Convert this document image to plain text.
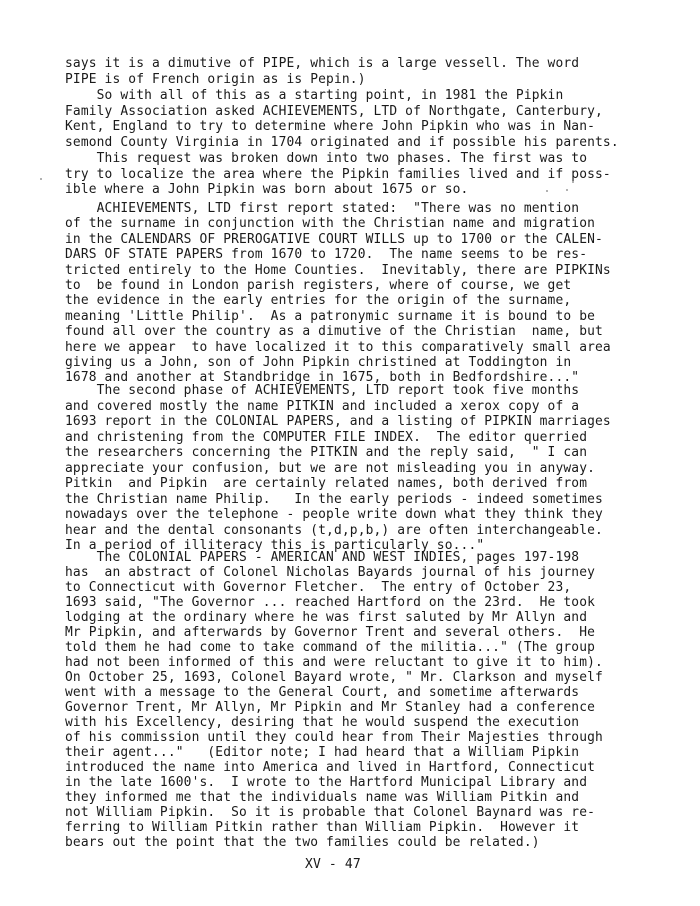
says it is a dimutive of PIPE, which is a large vessell. The word
PIPE is of French origin as is Pepin.)
So with all of this as a starting point, in 1981 the Pipkin
Family Association asked ACHIEVEMENTS, LTD of Northgate, Canterbury,
Kent, England to try to determine where John Pipkin who was in Nan-
semond County Virginia in 1704 originated and if possible his parents.
This request was broken down into two phases. The first was to
try to localize the area where the Pipkin families lived and if poss-
ible where a John Pipkin was born about 1675 or so.
ACHIEVEMENTS, LTD first report stated:  "There was no mention
of the surname in conjunction with the Christian name and migration
in the CALENDARS OF PREROGATIVE COURT WILLS up to 1700 or the CALEN-
DARS OF STATE PAPERS from 1670 to 1720.  The name seems to be res-
tricted entirely to the Home Counties.  Inevitably, there are PIPKINs
to  be found in London parish registers, where of course, we get
the evidence in the early entries for the origin of the surname,
meaning 'Little Philip'.  As a patronymic surname it is bound to be
found all over the country as a dimutive of the Christian  name, but
here we appear  to have localized it to this comparatively small area
giving us a John, son of John Pipkin christined at Toddington in
1678 and another at Standbridge in 1675, both in Bedfordshire..."
The second phase of ACHIEVEMENTS, LTD report took five months
and covered mostly the name PITKIN and included a xerox copy of a
1693 report in the COLONIAL PAPERS, and a listing of PIPKIN marriages
and christening from the COMPUTER FILE INDEX.  The editor querried
the researchers concerning the PITKIN and the reply said,  " I can
appreciate your confusion, but we are not misleading you in anyway.
Pitkin  and Pipkin  are certainly related names, both derived from
the Christian name Philip.   In the early periods - indeed sometimes
nowadays over the telephone - people write down what they think they
hear and the dental consonants (t,d,p,b,) are often interchangeable.
In a period of illiteracy this is particularly so..."
The COLONIAL PAPERS - AMERICAN AND WEST INDIES, pages 197-198
has  an abstract of Colonel Nicholas Bayards journal of his journey
to Connecticut with Governor Fletcher.  The entry of October 23,
1693 said, "The Governor ... reached Hartford on the 23rd.  He took
lodging at the ordinary where he was first saluted by Mr Allyn and
Mr Pipkin, and afterwards by Governor Trent and several others.  He
told them he had come to take command of the militia..." (The group
had not been informed of this and were reluctant to give it to him).
On October 25, 1693, Colonel Bayard wrote, " Mr. Clarkson and myself
went with a message to the General Court, and sometime afterwards
Governor Trent, Mr Allyn, Mr Pipkin and Mr Stanley had a conference
with his Excellency, desiring that he would suspend the execution
of his commission until they could hear from Their Majesties through
their agent..."   (Editor note; I had heard that a William Pipkin
introduced the name into America and lived in Hartford, Connecticut
in the late 1600's.  I wrote to the Hartford Municipal Library and
they informed me that the individuals name was William Pitkin and
not William Pipkin.  So it is probable that Colonel Baynard was re-
ferring to William Pitkin rather than William Pipkin.  However it
bears out the point that the two families could be related.)
XV - 47
